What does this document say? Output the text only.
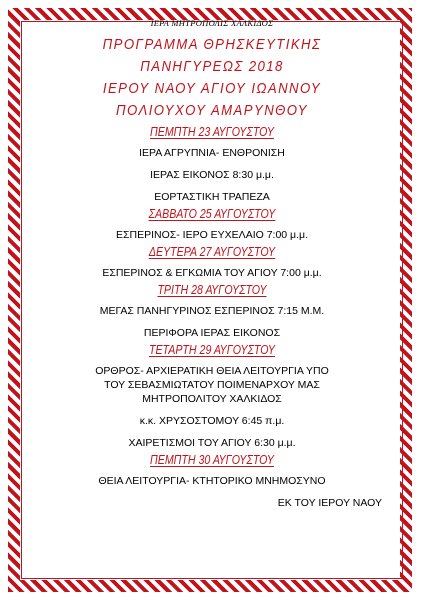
ΙΕΡΑ ΜΗΤΡΟΠΟΛΙΣ ΧΑΛΚΙΔΟΣ
ΠΡΟΓΡΑΜΜΑ ΘΡΗΣΚΕΥΤΙΚΗΣ
ΠΑΝΗΓΥΡΕΩΣ 2018
ΙΕΡΟΥ ΝΑΟΥ ΑΓΙΟΥ ΙΩΑΝΝΟΥ
ΠΟΛΙΟΥΧΟΥ ΑΜΑΡΥΝΘΟΥ
ΠΕΜΠΤΗ 23 ΑΥΓΟΥΣΤΟΥ
ΙΕΡΑ ΑΓΡΥΠΝΙΑ- ΕΝΘΡΟΝΙΣΗ
ΙΕΡΑΣ ΕΙΚΟΝΟΣ 8:30 μ.μ.
ΕΟΡΤΑΣΤΙΚΗ ΤΡΑΠΕΖΑ
ΣΑΒΒΑΤΟ 25 ΑΥΓΟΥΣΤΟΥ
ΕΣΠΕΡΙΝΟΣ- ΙΕΡΟ ΕΥΧΕΛΑΙΟ 7:00 μ.μ.
ΔΕΥΤΕΡΑ 27 ΑΥΓΟΥΣΤΟΥ
ΕΣΠΕΡΙΝΟΣ & ΕΓΚΩΜΙΑ ΤΟΥ ΑΓΙΟΥ 7:00 μ.μ.
ΤΡΙΤΗ 28 ΑΥΓΟΥΣΤΟΥ
ΜΕΓΑΣ ΠΑΝΗΓΥΡΙΝΟΣ ΕΣΠΕΡΙΝΟΣ 7:15 Μ.Μ.
ΠΕΡΙΦΟΡΑ ΙΕΡΑΣ ΕΙΚΟΝΟΣ
ΤΕΤΑΡΤΗ 29 ΑΥΓΟΥΣΤΟΥ
ΟΡΘΡΟΣ- ΑΡΧΙΕΡΑΤΙΚΗ ΘΕΙΑ ΛΕΙΤΟΥΡΓΙΑ ΥΠΟ
ΤΟΥ ΣΕΒΑΣΜΙΩΤΑΤΟΥ ΠΟΙΜΕΝΑΡΧΟΥ ΜΑΣ
ΜΗΤΡΟΠΟΛΙΤΟΥ ΧΑΛΚΙΔΟΣ
κ.κ. ΧΡΥΣΟΣΤΟΜΟΥ 6:45 π.μ.
ΧΑΙΡΕΤΙΣΜΟΙ ΤΟΥ ΑΓΙΟΥ 6:30 μ.μ.
ΠΕΜΠΤΗ 30 ΑΥΓΟΥΣΤΟΥ
ΘΕΙΑ ΛΕΙΤΟΥΡΓΙΑ- ΚΤΗΤΟΡΙΚΟ ΜΝΗΜΟΣΥΝΟ
ΕΚ ΤΟΥ ΙΕΡΟΥ ΝΑΟΥ
